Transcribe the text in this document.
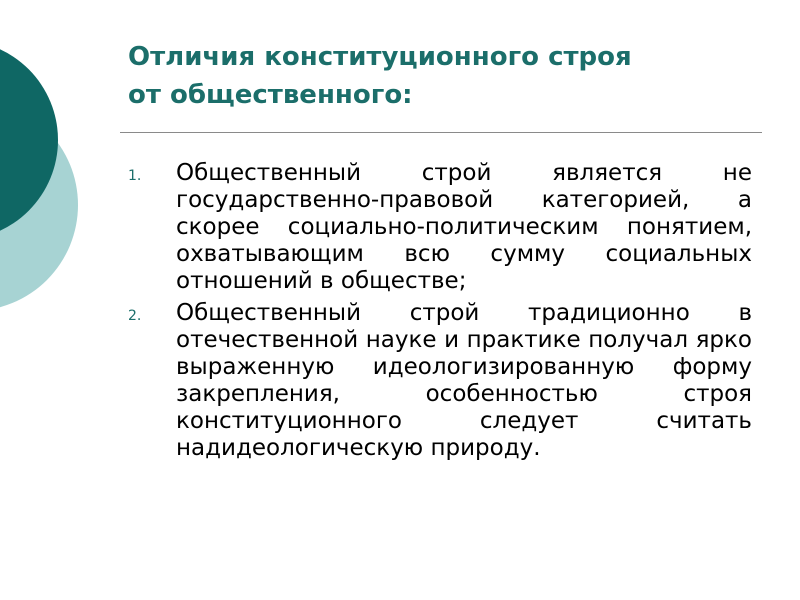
Отличия конституционного строя
от общественного:
1. Общественный строй является не государственно-правовой категорией, а скорее социально-политическим понятием, охватывающим всю сумму социальных отношений в обществе;
2. Общественный строй традиционно в отечественной науке и практике получал ярко выраженную идеологизированную форму закрепления, особенностью строя конституционного следует считать надидеологическую природу.
